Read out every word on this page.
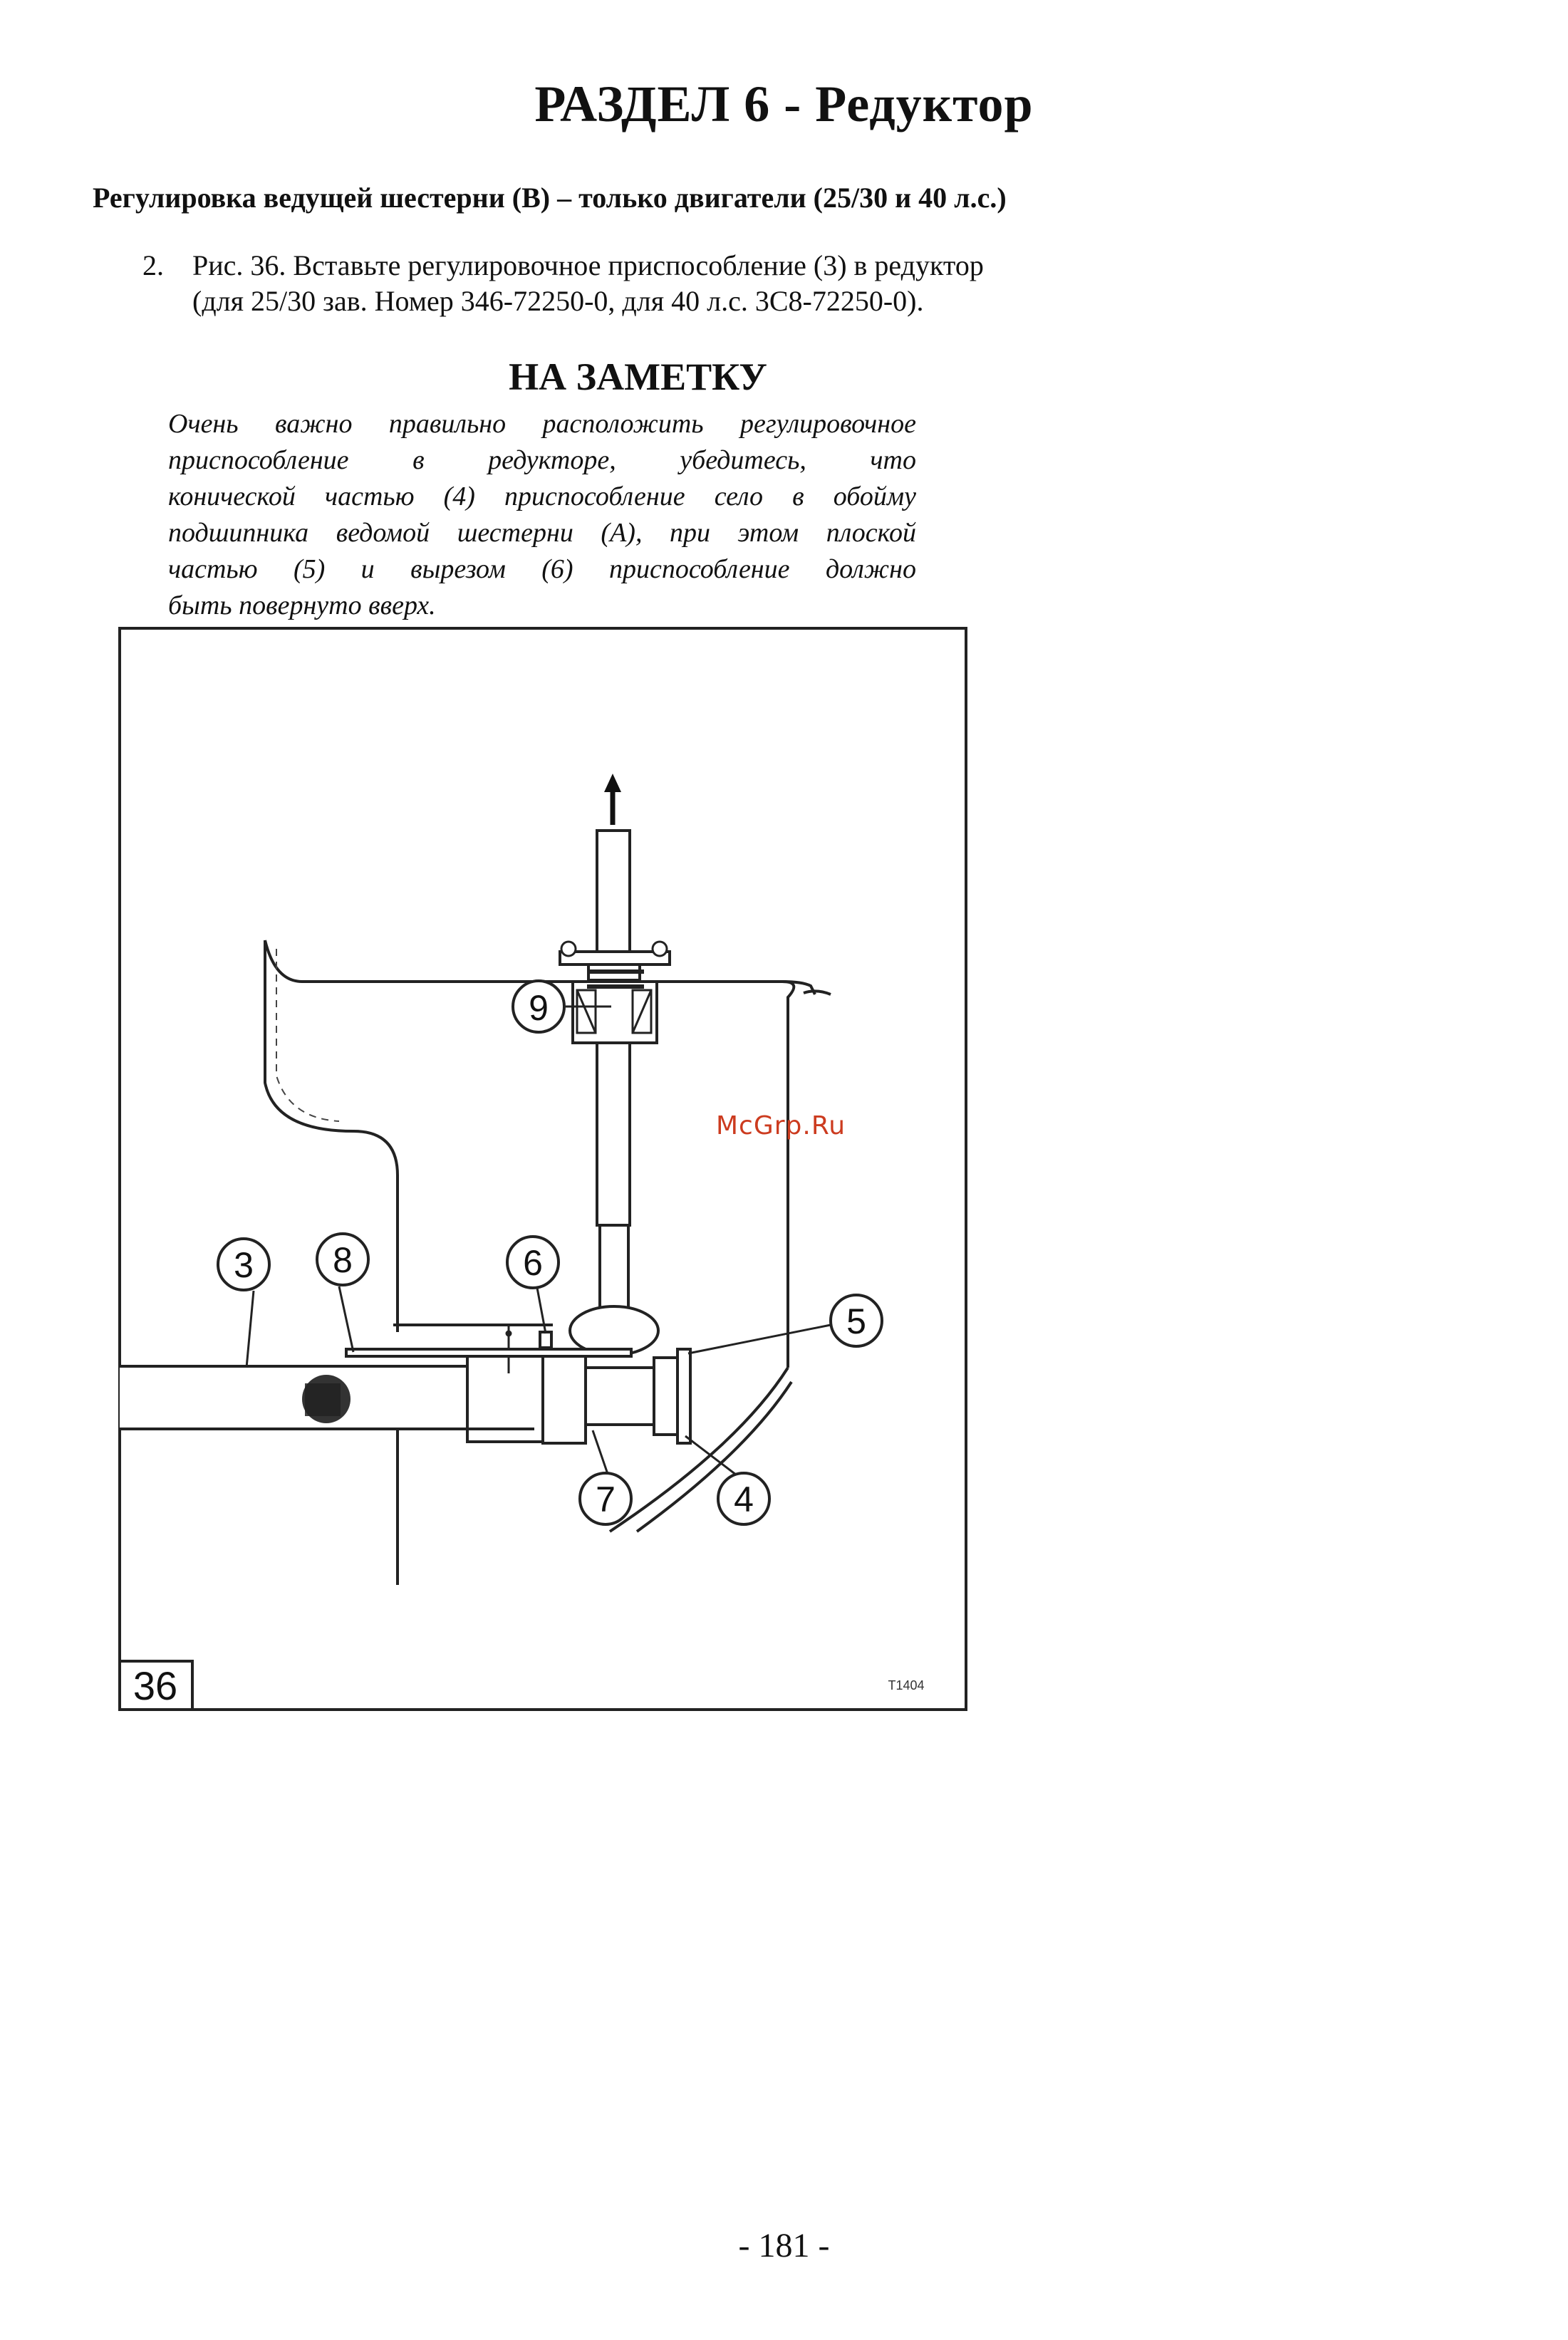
РАЗДЕЛ 6 - Редуктор
Регулировка ведущей шестерни (B) – только двигатели (25/30 и 40 л.с.)
2. Рис. 36. Вставьте регулировочное приспособление (3) в редуктор (для 25/30 зав. Номер 346-72250-0, для 40 л.с. 3C8-72250-0).
НА ЗАМЕТКУ

Очень важно правильно расположить регулировочное

приспособление в редукторе, убедитесь, что

конической частью (4) приспособление село в обойму

подшипника ведомой шестерни (A), при этом плоской

частью (5) и вырезом (6) приспособление должно

быть повернуто вверх.

36	T1404
9
3 8	6
5
7	4
McGrp.Ru
- 181 -
